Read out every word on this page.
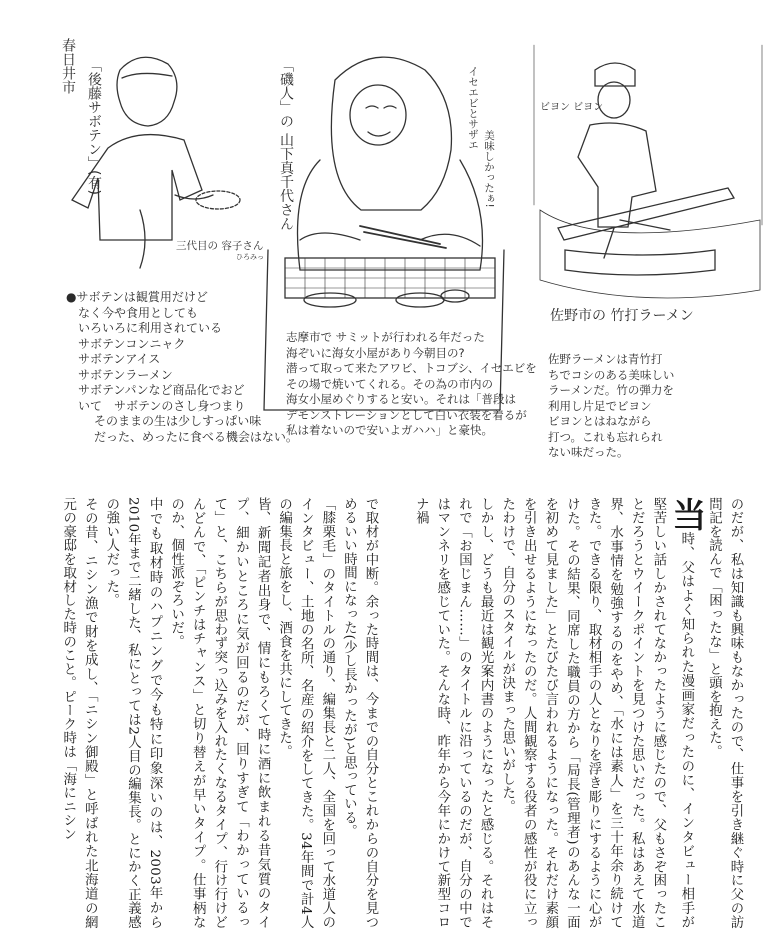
春日井市 「後藤サボテン」(有)
三代目の 容子さん
ひろみっ
●サボテンは観賞用だけど
なく今や食用としても
いろいろに利用されている
サボテンコンニャク
サボテンアイス
サボテンラーメン
サボテンパンなど商品化でおど
いて　サボテンのさし身つまり
そのままの生は少しすっぱい味
だった、めったに食べる機会はない。
「磯人」の 山下真千代さん	イセエビとサザエ
美味しかったぁ!
志摩市で サミットが行われる年だった
海ぞいに海女小屋があり今朝目の?
潜って取って来たアワビ、トコブシ、イセエビを
その場で焼いてくれる。その為の市内の
海女小屋めぐりすると安い。それは「普段は
デモンストレーションとして白い衣装を着るが
私は着ないので安いよガハハ」と豪快。
ビヨン ビヨン
佐野市の 竹打ラーメン
佐野ラーメンは青竹打
ちでコシのある美味しい
ラーメンだ。竹の弾力を
利用し片足でビヨン
ビヨンとはねながら
打つ。これも忘れられ
ない味だった。

のだが、私は知識も興味もなかったので、仕事を引き継ぐ時に父の訪問記を読んで「困ったな」と頭を抱えた。

当時、父はよく知られた漫画家だったのに、インタビュー相手が堅苦しい話しかされてなかったように感じたので、父もさぞ困ったことだろうとウイークポイントを見つけた思いだった。私はあえて水道界、水事情を勉強するのをやめ、「水には素人」を三十年余り続けてきた。できる限り、取材相手の人となりを浮き彫りにするように心がけた。その結果、同席した職員の方から「局長(管理者)のあんな一面を初めて見ました」とたびたび言われるようになった。それだけ素顔を引き出せるようになったのだ。人間観察する役者の感性が役に立ったわけで、自分のスタイルが決まった思いがした。

しかし、どうも最近は観光案内書のようになったと感じる。それはそれで「お国じまん……」のタイトルに沿っているのだが、自分の中ではマンネリを感じていた。そんな時、昨年から今年にかけて新型コロナ禍

で取材が中断。余った時間は、今までの自分とこれからの自分を見つめるいい時間になった(少し長かったが)と思っている。

「膝栗毛」のタイトルの通り、編集長と二人、全国を回って水道人のインタビュー、土地の名所、名産の紹介をしてきた。34年間で計4人の編集長と旅をし、酒食を共にしてきた。

皆、新聞記者出身で、情にもろくて時に酒に飲まれる昔気質のタイプ、細かいところに気が回るのだが、回りすぎて「わかっているって」と、こちらが思わず突っ込みを入れたくなるタイプ、行け行けどんどんで、「ピンチはチャンス」と切り替えが早いタイプ。仕事柄なのか、個性派ぞろいだ。

中でも取材時のハプニングで今も特に印象深いのは、2003年から2010年まで二緒した、私にとっては2人目の編集長。とにかく正義感の強い人だった。

その昔、ニシン漁で財を成し、「ニシン御殿」と呼ばれた北海道の網元の豪邸を取材した時のこと。ピーク時は「海にニシン
